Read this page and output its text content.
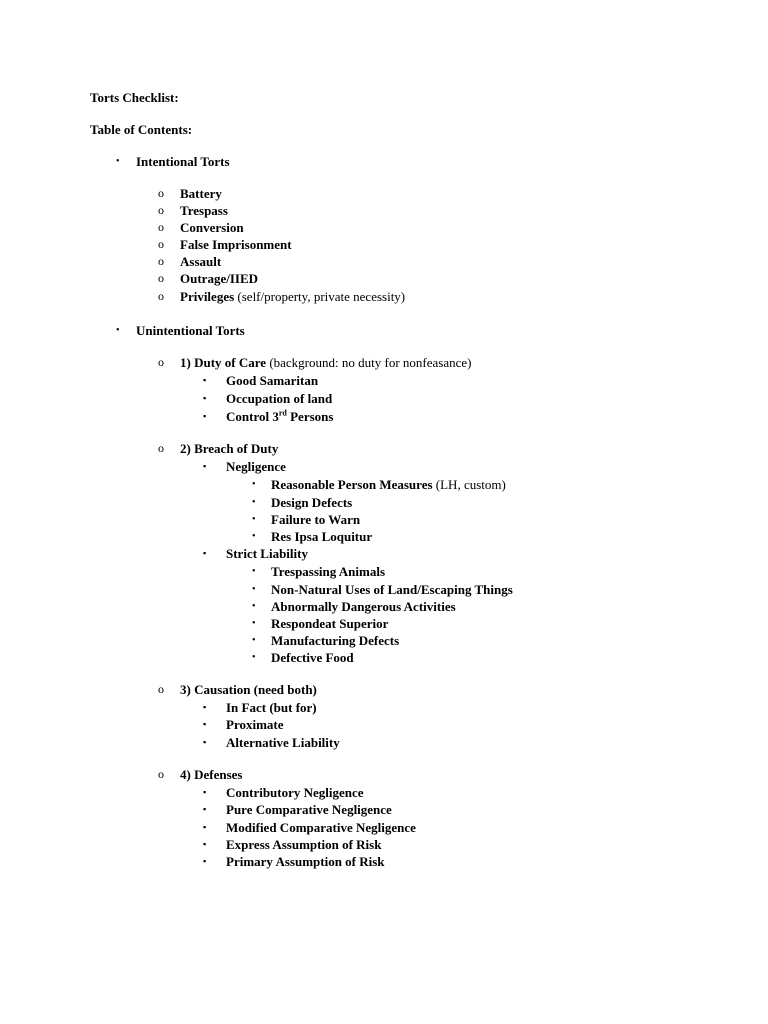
Torts Checklist:
Table of Contents:
• Intentional Torts
o Battery
o Trespass
o Conversion
o False Imprisonment
o Assault
o Outrage/IIED
o Privileges (self/property, private necessity)
• Unintentional Torts
o 1) Duty of Care (background: no duty for nonfeasance)
▪ Good Samaritan
▪ Occupation of land
▪ Control 3rd Persons
o 2) Breach of Duty
▪ Negligence
• Reasonable Person Measures (LH, custom)
• Design Defects
• Failure to Warn
• Res Ipsa Loquitur
▪ Strict Liability
• Trespassing Animals
• Non-Natural Uses of Land/Escaping Things
• Abnormally Dangerous Activities
• Respondeat Superior
• Manufacturing Defects
• Defective Food
o 3) Causation (need both)
▪ In Fact (but for)
▪ Proximate
▪ Alternative Liability
o 4) Defenses
▪ Contributory Negligence
▪ Pure Comparative Negligence
▪ Modified Comparative Negligence
▪ Express Assumption of Risk
▪ Primary Assumption of Risk
